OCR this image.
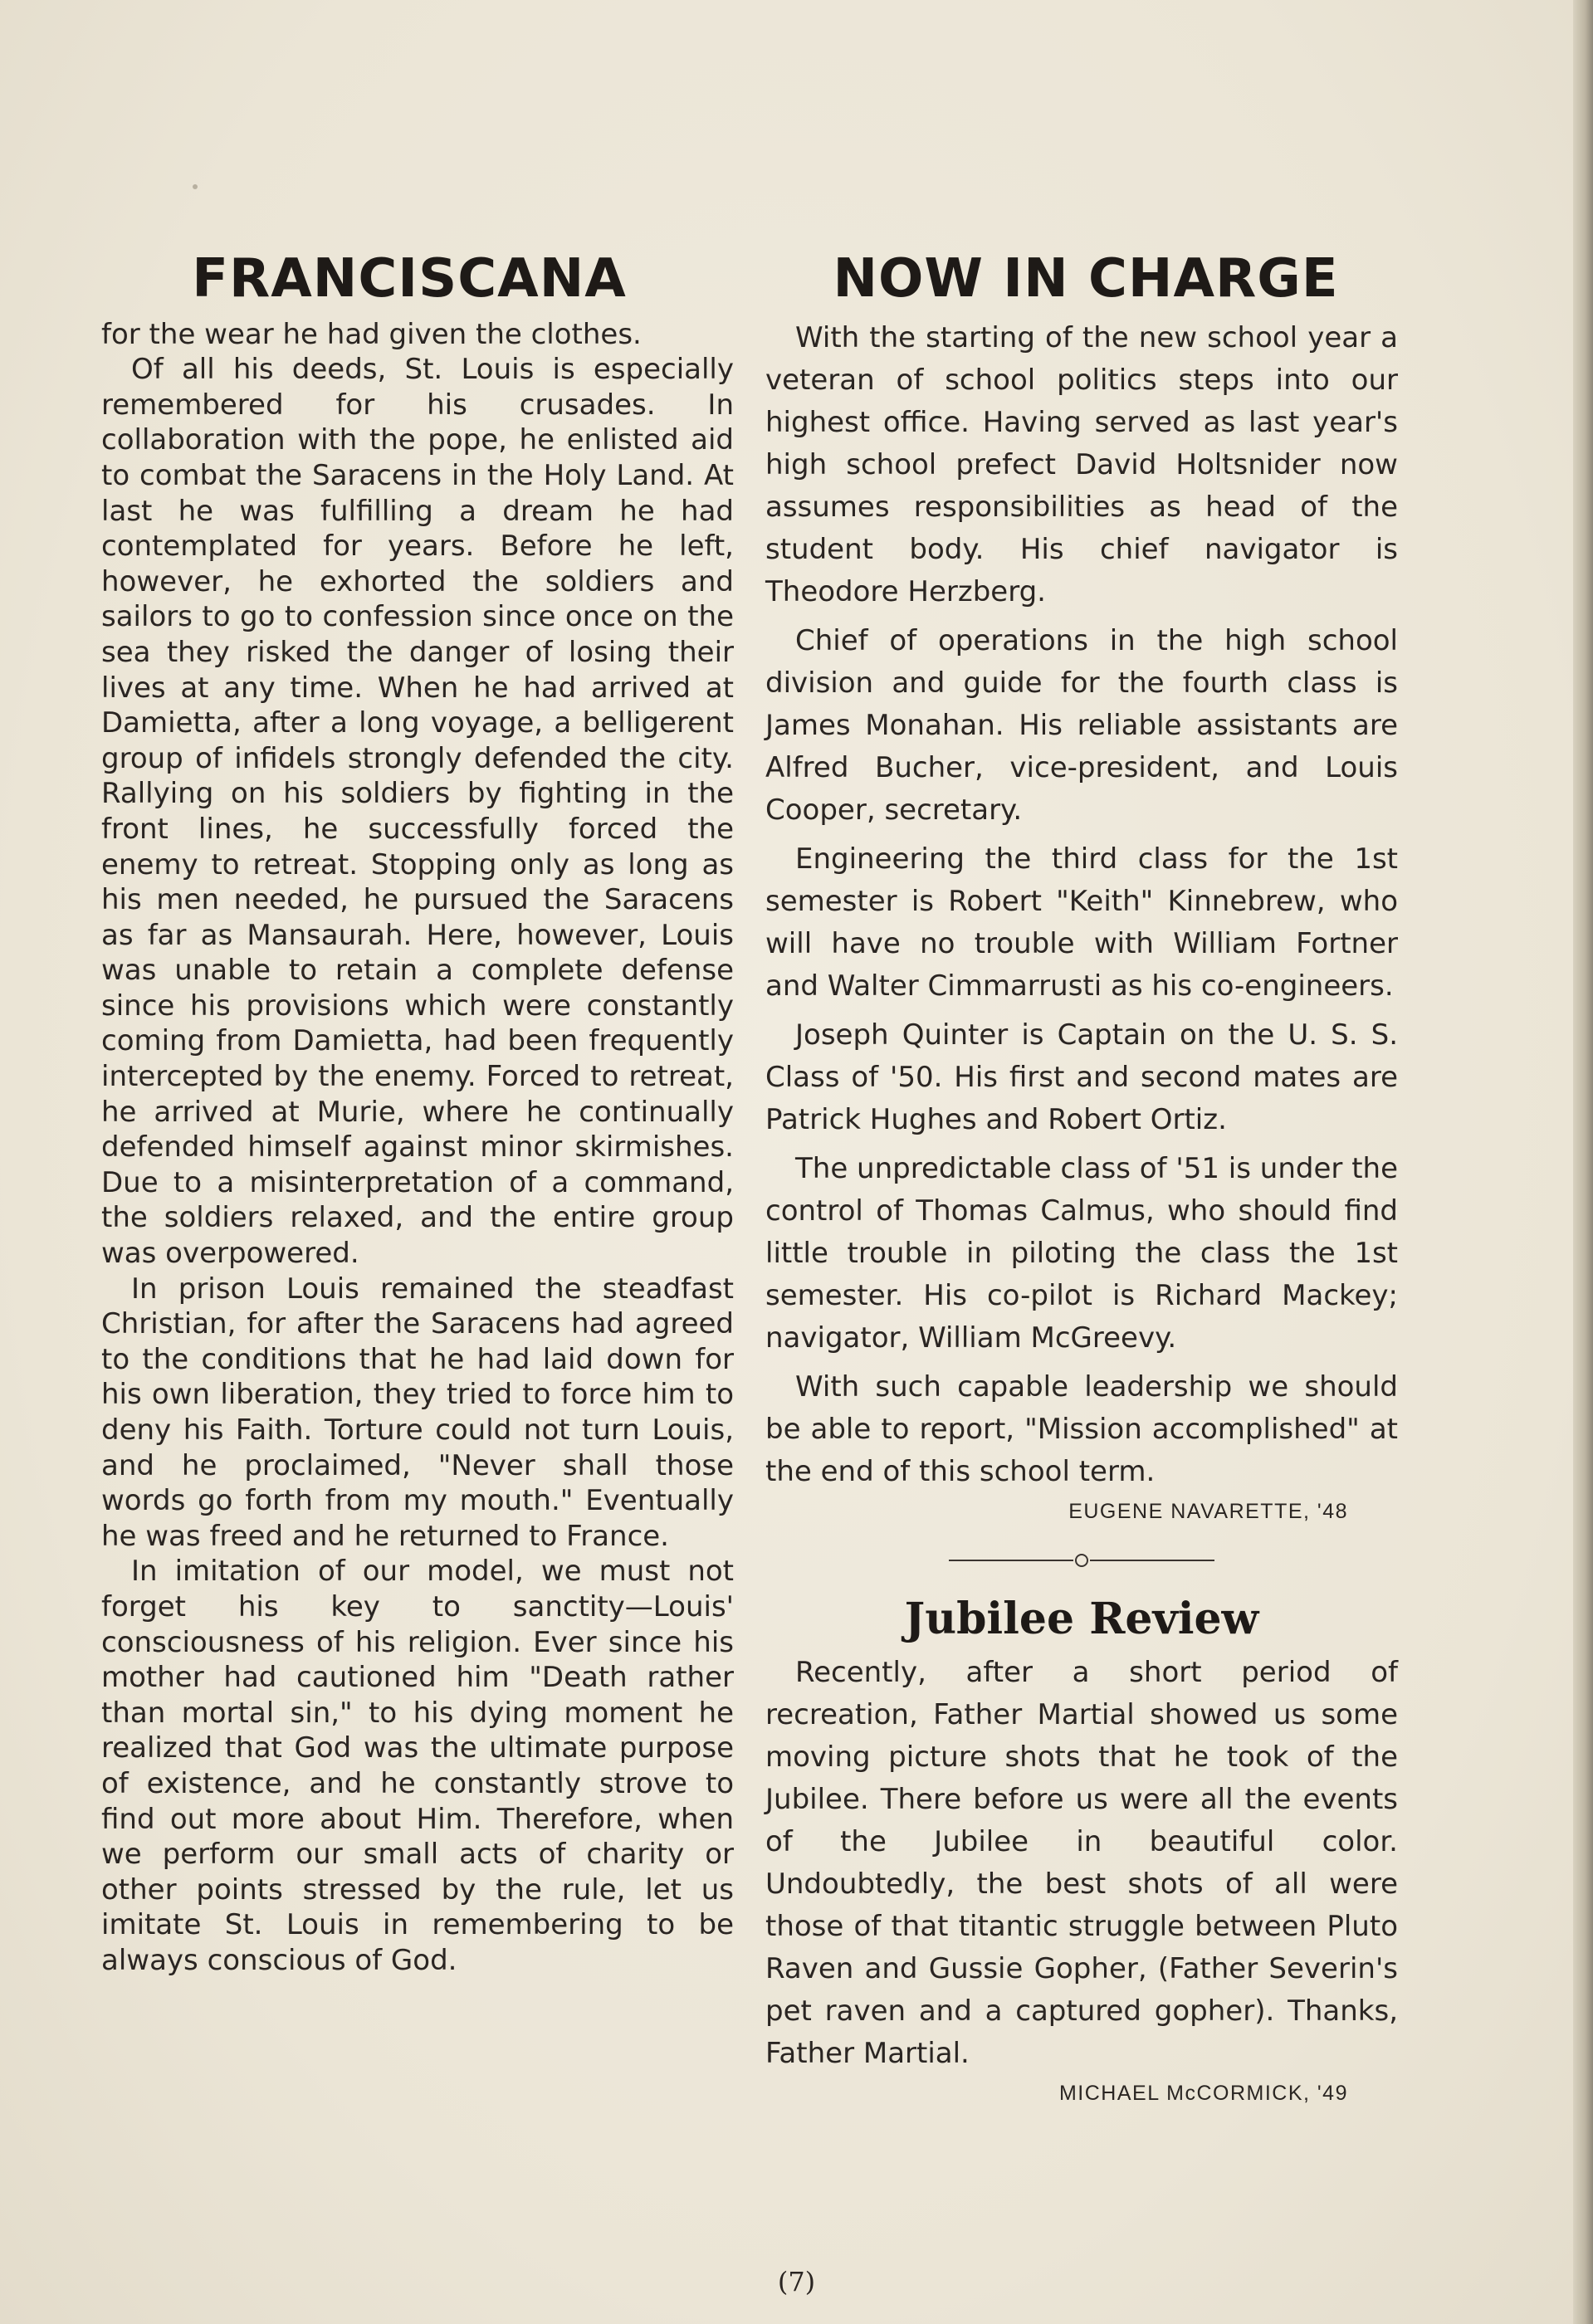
FRANCISCANA

for the wear he had given the clothes.

Of all his deeds, St. Louis is especially remembered for his crusades. In collaboration with the pope, he enlisted aid to combat the Saracens in the Holy Land. At last he was fulfilling a dream he had contemplated for years. Before he left, however, he exhorted the soldiers and sailors to go to confession since once on the sea they risked the danger of losing their lives at any time. When he had arrived at Damietta, after a long voyage, a belligerent group of infidels strongly defended the city. Rallying on his soldiers by fighting in the front lines, he successfully forced the enemy to retreat. Stopping only as long as his men needed, he pursued the Saracens as far as Mansaurah. Here, however, Louis was unable to retain a complete defense since his provisions which were constantly coming from Damietta, had been frequently intercepted by the enemy. Forced to retreat, he arrived at Murie, where he continually defended himself against minor skirmishes. Due to a misinterpretation of a command, the soldiers relaxed, and the entire group was overpowered.

In prison Louis remained the steadfast Christian, for after the Saracens had agreed to the conditions that he had laid down for his own liberation, they tried to force him to deny his Faith. Torture could not turn Louis, and he proclaimed, "Never shall those words go forth from my mouth." Eventually he was freed and he returned to France.

In imitation of our model, we must not forget his key to sanctity—Louis' consciousness of his religion. Ever since his mother had cautioned him "Death rather than mortal sin," to his dying moment he realized that God was the ultimate purpose of existence, and he constantly strove to find out more about Him. Therefore, when we perform our small acts of charity or other points stressed by the rule, let us imitate St. Louis in remembering to be always conscious of God.

NOW IN CHARGE

With the starting of the new school year a veteran of school politics steps into our highest office. Having served as last year's high school prefect David Holtsnider now assumes responsibilities as head of the student body. His chief navigator is Theodore Herzberg.

Chief of operations in the high school division and guide for the fourth class is James Monahan. His reliable assistants are Alfred Bucher, vice-president, and Louis Cooper, secretary.

Engineering the third class for the 1st semester is Robert "Keith" Kinnebrew, who will have no trouble with William Fortner and Walter Cimmarrusti as his co-engineers.

Joseph Quinter is Captain on the U. S. S. Class of '50. His first and second mates are Patrick Hughes and Robert Ortiz.

The unpredictable class of '51 is under the control of Thomas Calmus, who should find little trouble in piloting the class the 1st semester. His co-pilot is Richard Mackey; navigator, William McGreevy.

With such capable leadership we should be able to report, "Mission accomplished" at the end of this school term.

EUGENE NAVARETTE, '48
Jubilee Review

Recently, after a short period of recreation, Father Martial showed us some moving picture shots that he took of the Jubilee. There before us were all the events of the Jubilee in beautiful color. Undoubtedly, the best shots of all were those of that titantic struggle between Pluto Raven and Gussie Gopher, (Father Severin's pet raven and a captured gopher). Thanks, Father Martial.

MICHAEL McCORMICK, '49
(7)
